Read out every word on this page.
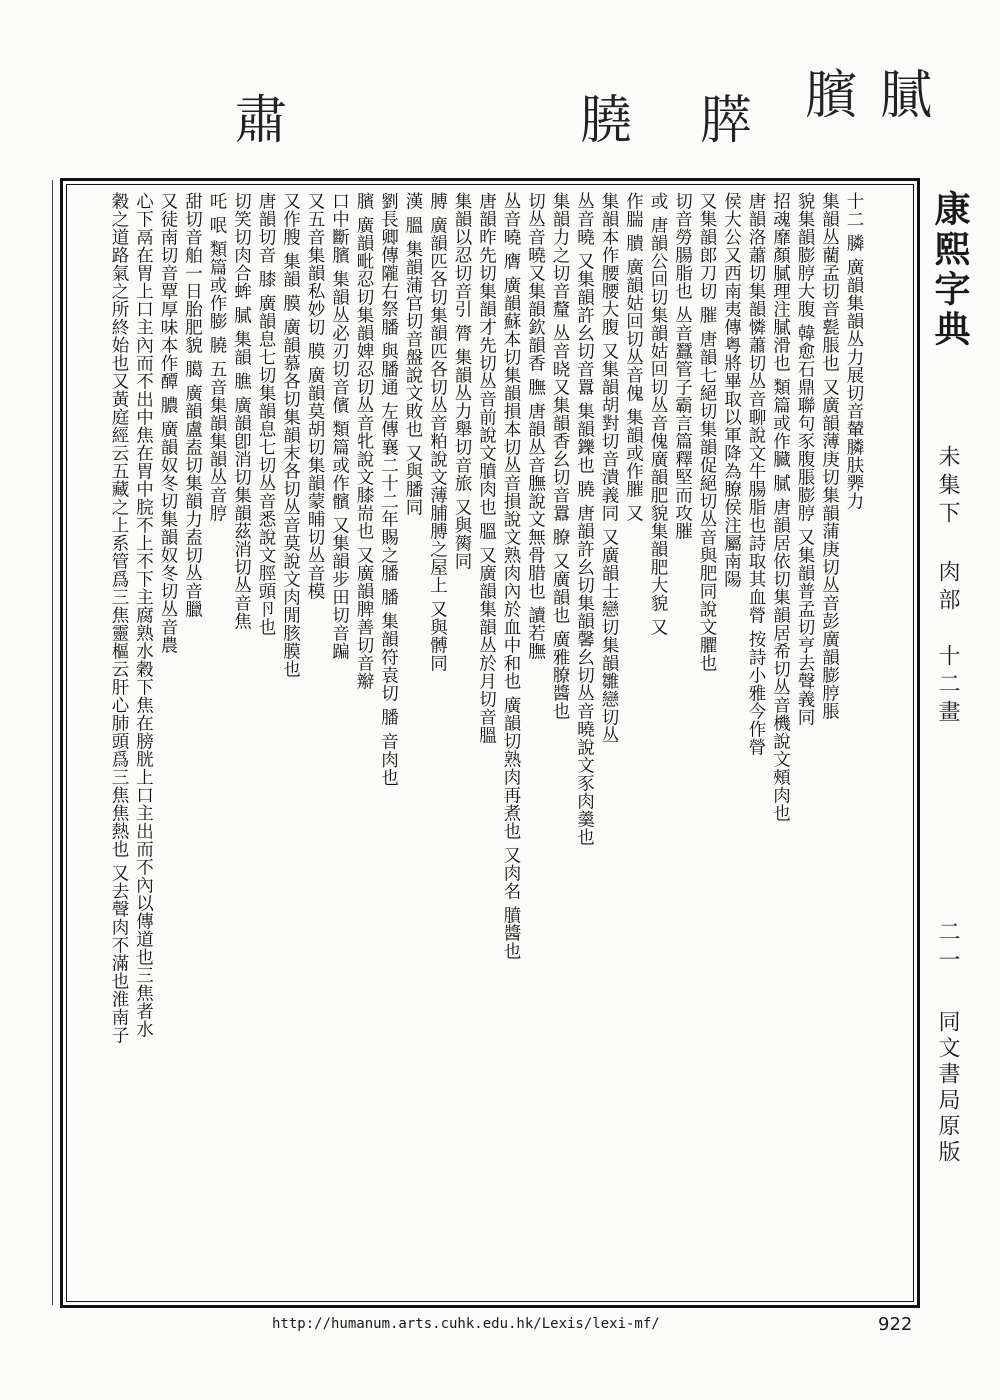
肅	膮 膵 臏 膩
⼗二 膦 廣韻集韻丛力展切音輦膦肤臩力
集韻丛藺孟切音甏脹也 又廣韻薄庚切集韻蒲庚切丛音彭廣韻膨脝脹
貌集韻膨脝大腹 韓愈石鼎聯句豕腹脹膨脝 又集韻普孟切亨去聲義同
招魂靡顏膩理注膩滑也 類篇或作臓 膩 唐韻居依切集韻居希切丛音機說文頰肉也
唐韻洛蕭切集韻憐蕭切丛音聊說文牛腸脂也詩取其血膋 按詩小雅今作膋
侯大公又西南夷傳粤將畢取以軍降為膫侯注屬南陽
又集韻郎刀切 膗 唐韻七絕切集韻促絕切丛音與肥同說文臞也
切音勞腸脂也 丛音蠶管子霸言篇釋堅而攻膗
或 唐韻公回切集韻姑回切丛音傀廣韻肥貌集韻肥大貌 又
作腨 膭 廣韻姑回切丛音傀 集韻或作膗 又
集韻本作腰腰大腹 又集韻胡對切音潰義同 又廣韻士戀切集韻雛戀切丛
丛音曉 又集韻許幺切音囂 集韻鑠也 膮 唐韻許幺切集韻馨幺切丛音曉說文豕肉羹也
集韻力之切音釐 丛音晓又集韻香幺切音囂 膫 又廣韻也 廣雅膫醬也
切丛音曉又集韻欽韻香 膴 唐韻丛音膴說文無骨腊也 讀若膴
丛音曉 膺 廣韻蘇本切集韻損本切丛音損說文熟肉內於血中和也 廣韻切熟肉再煮也 又肉名 膹醬也
唐韻昨先切集韻才先切丛音前說文膹肉也 膃 又廣韻集韻丛於月切音膃
集韻以忍切音引 膂 集韻丛力舉切音旅 又與膐同
膊 廣韻匹各切集韻匹各切丛音粕說文薄脯膊之屋上 又與髆同
漢 膃 集韻蒲官切音盤說文敗也 又與膰同
劉長卿傳隴右祭膰 與膰通 左傳襄二十二年賜之膰 膰 集韻符袁切 膰 音肉也
臏 廣韻毗忍切集韻婢忍切丛音牝說文膝耑也 又廣韻脾善切音辮
口中斷臏 集韻丛必刃切音儐 類篇或作髕 又集韻步田切音蹁
又五音集韻私妙切 膜 廣韻莫胡切集韻蒙晡切丛音模
又作膄 集韻 膜 廣韻慕各切集韻末各切丛音莫說文肉閒胲膜也
唐韻切音 膝 廣韻息七切集韻息七切丛音悉說文脛頭卪也
切笑切肉合蛑 膩 集韻 膲 廣韻卽消切集韻茲消切丛音焦
吒 呡 類篇或作膨 膮 五音集韻集韻丛音脝
甜切音舶一日胎肥貌 臈 廣韻盧盍切集韻力盍切丛音臘
又徒南切音覃厚味本作醰 膿 廣韻奴冬切集韻奴冬切丛音農
心下鬲在胃上口主內而不出中焦在胃中脘不上不下主腐熟水穀下焦在膀胱上口主出而不內以傳道也三焦者水
穀之道路氣之所終始也又黃庭經云五藏之上系管爲三焦靈樞云肝心肺頭爲三焦焦熱也 又去聲肉不滿也淮南子	康熙字典
未集下
肉部　十二畫
二一
同文書局原版
http://humanum.arts.cuhk.edu.hk/Lexis/lexi-mf/	922
